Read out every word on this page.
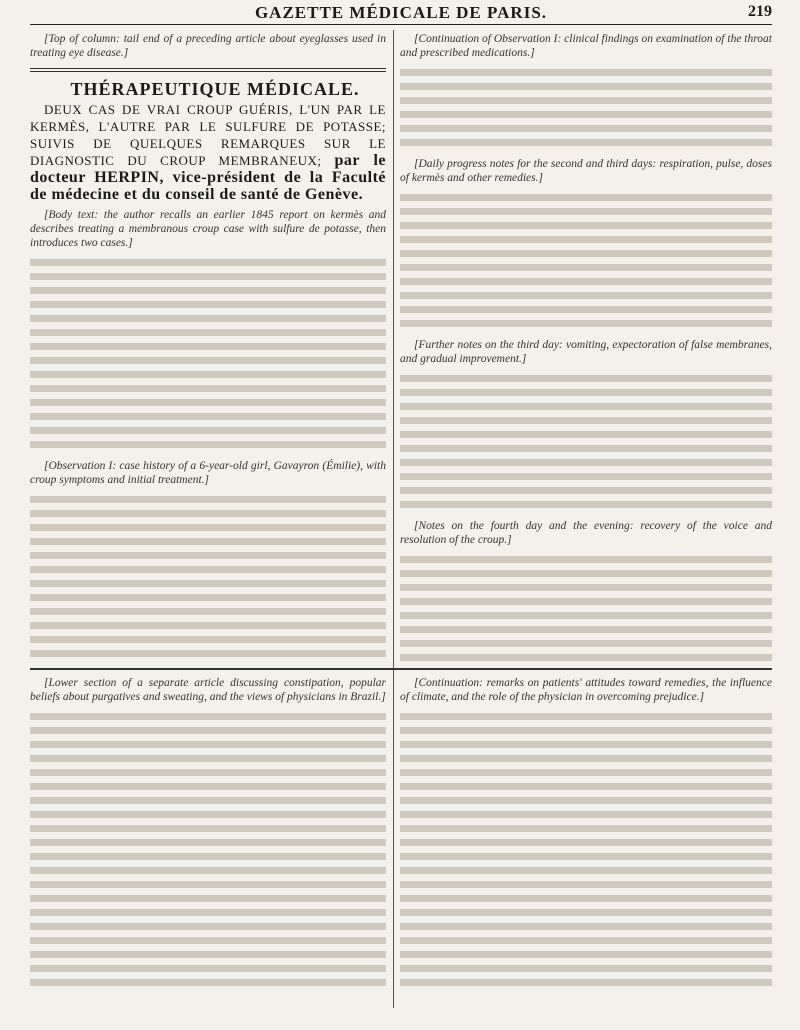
GAZETTE MÉDICALE DE PARIS.	219

[Top of column: tail end of a preceding article about eyeglasses used in treating eye disease.]

THÉRAPEUTIQUE MÉDICALE.

DEUX CAS DE VRAI CROUP GUÉRIS, L'UN PAR LE KERMÈS, L'AUTRE PAR LE SULFURE DE POTASSE; SUIVIS DE QUELQUES REMARQUES SUR LE DIAGNOSTIC DU CROUP MEMBRANEUX; par le docteur HERPIN, vice-président de la Faculté de médecine et du conseil de santé de Genève.

[Body text: the author recalls an earlier 1845 report on kermès and describes treating a membranous croup case with sulfure de potasse, then introduces two cases.]

[Observation I: case history of a 6-year-old girl, Gavayron (Émilie), with croup symptoms and initial treatment.]

[Continuation of Observation I: clinical findings on examination of the throat and prescribed medications.]

[Daily progress notes for the second and third days: respiration, pulse, doses of kermès and other remedies.]

[Further notes on the third day: vomiting, expectoration of false membranes, and gradual improvement.]

[Notes on the fourth day and the evening: recovery of the voice and resolution of the croup.]

[Lower section of a separate article discussing constipation, popular beliefs about purgatives and sweating, and the views of physicians in Brazil.]

[Continuation: remarks on patients' attitudes toward remedies, the influence of climate, and the role of the physician in overcoming prejudice.]
